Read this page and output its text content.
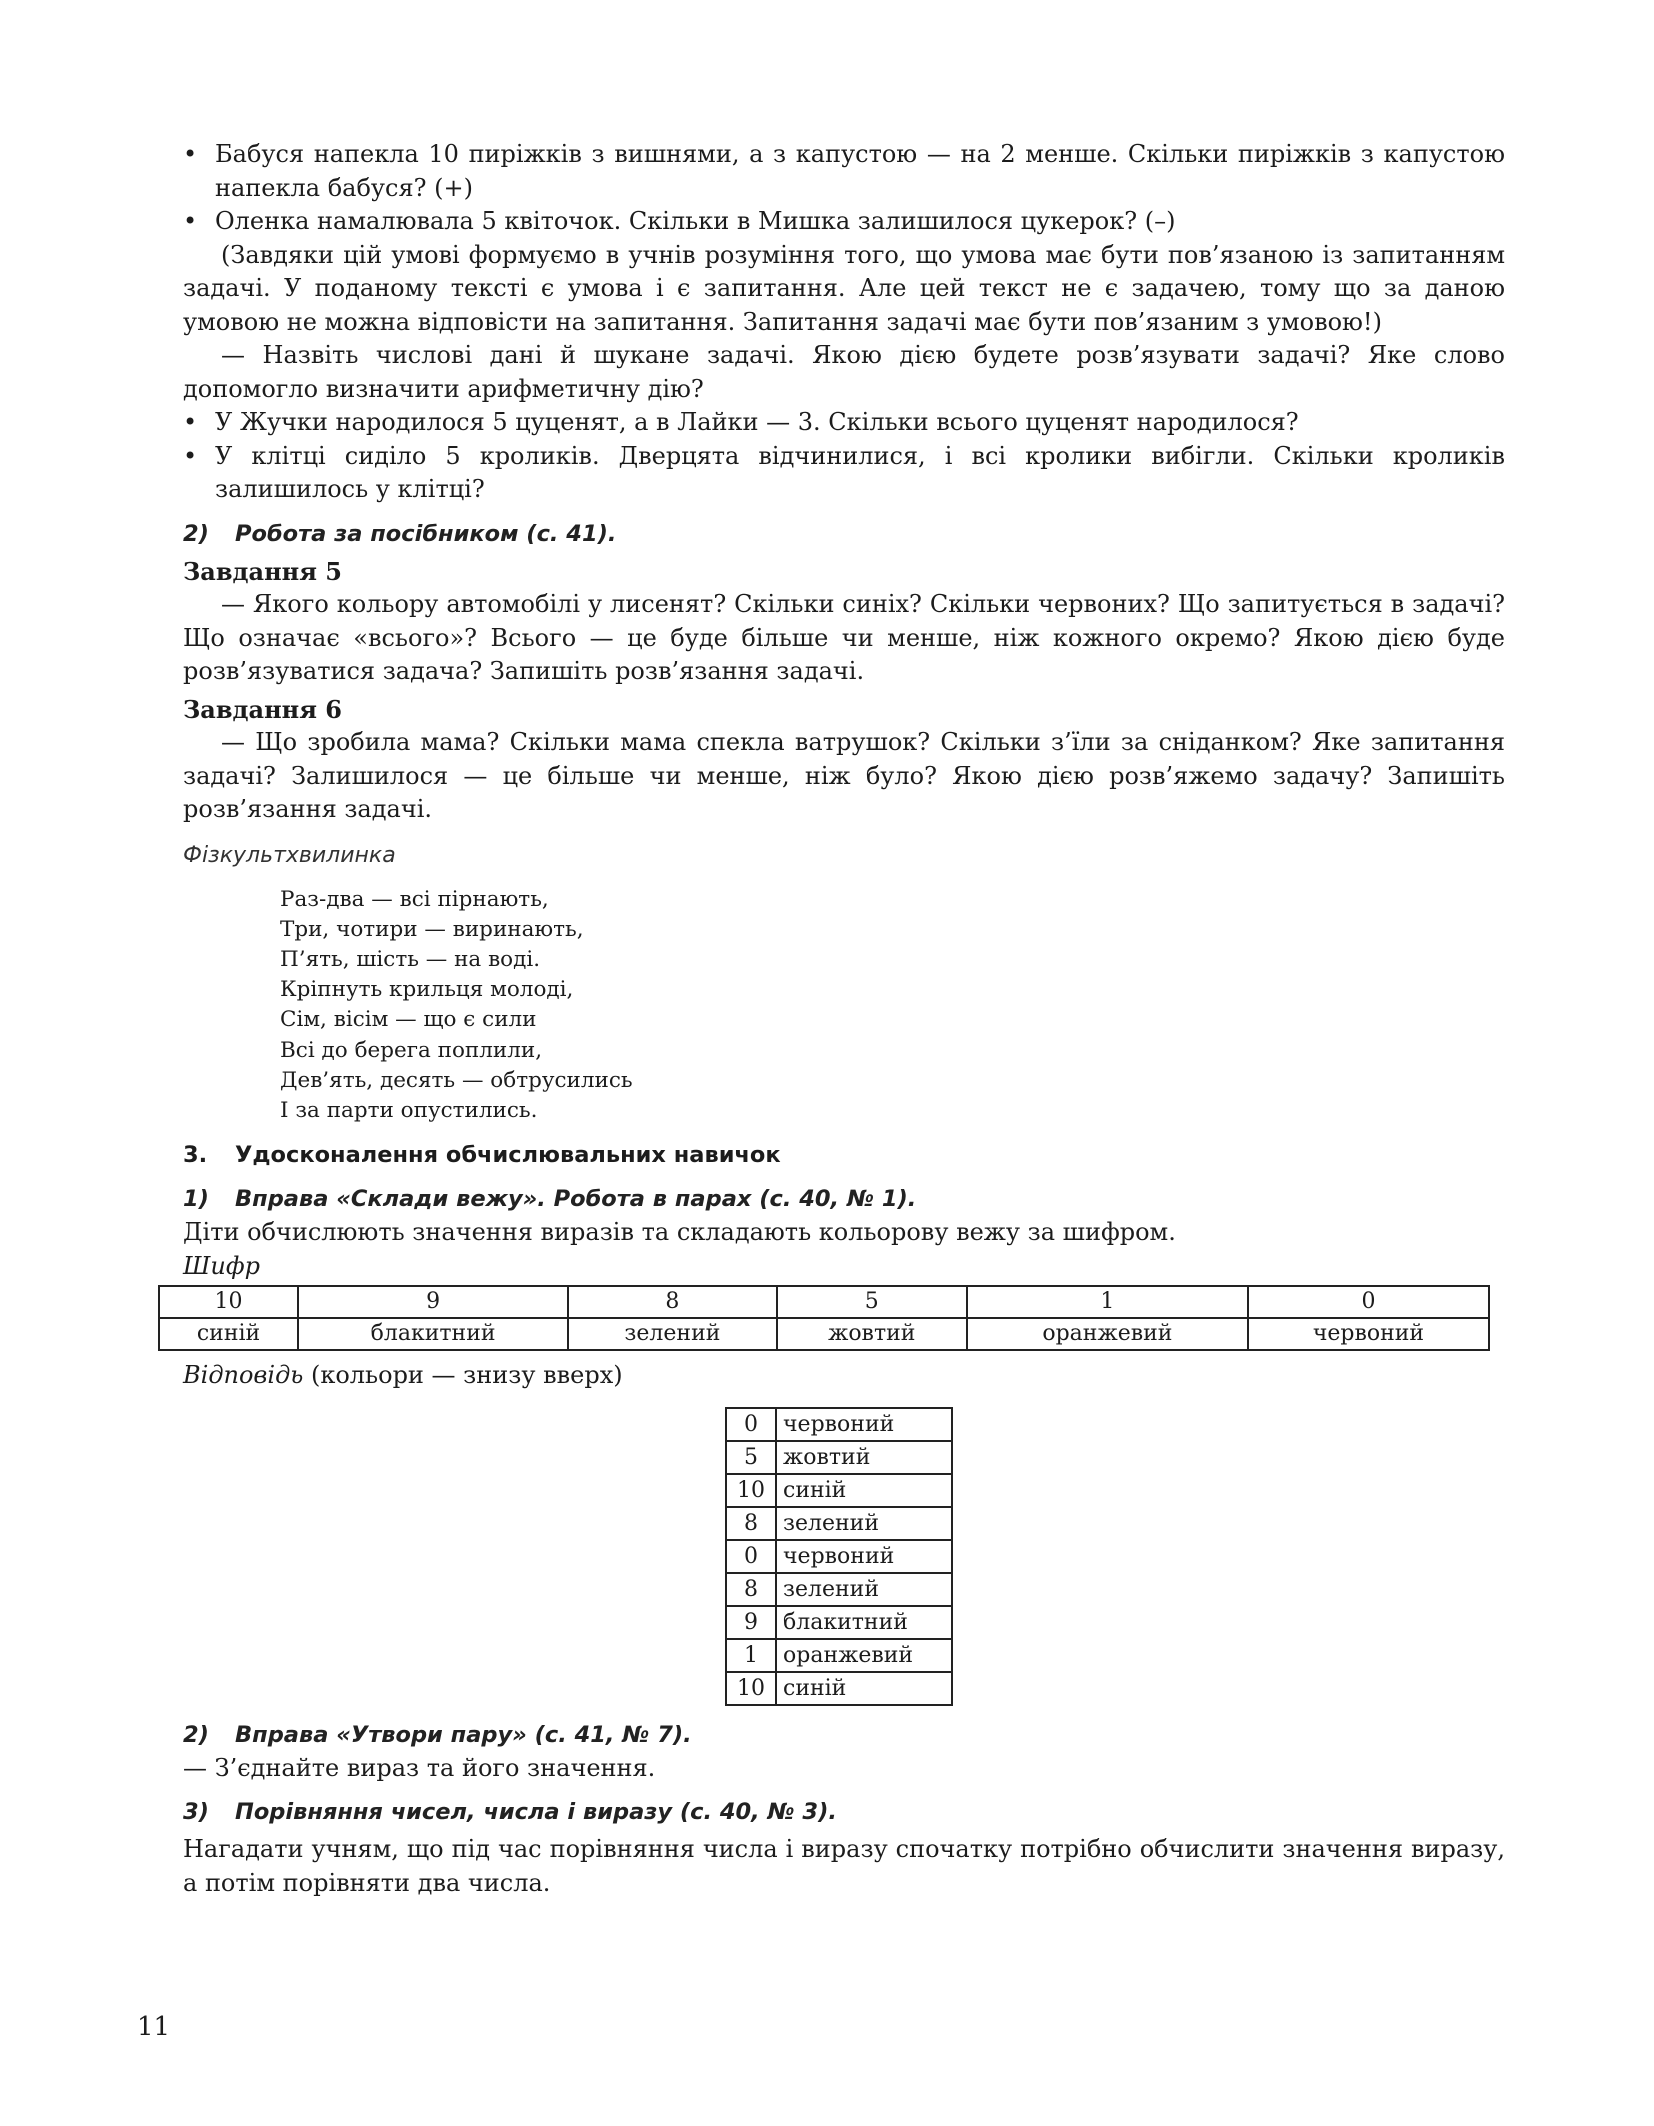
• Бабуся напекла 10 пиріжків з вишнями, а з капустою — на 2 менше. Скільки пиріжків з капустою напекла бабуся? (+)
• Оленка намалювала 5 квіточок. Скільки в Мишка залишилося цукерок? (–)

(Завдяки цій умові формуємо в учнів розуміння того, що умова має бути пов’язаною із запитанням задачі. У поданому тексті є умова і є запитання. Але цей текст не є задачею, тому що за даною умовою не можна відповісти на запитання. Запитання задачі має бути пов’язаним з умовою!)

— Назвіть числові дані й шукане задачі. Якою дією будете розв’язувати задачі? Яке слово допомогло визначити арифметичну дію?

• У Жучки народилося 5 цуценят, а в Лайки — 3. Скільки всього цуценят народилося?
• У клітці сиділо 5 кроликів. Дверцята відчинилися, і всі кролики вибігли. Скільки кроликів залишилось у клітці?
2) Робота за посібником (с. 41).
Завдання 5

— Якого кольору автомобілі у лисенят? Скільки синіх? Скільки червоних? Що запитується в задачі? Що означає «всього»? Всього — це буде більше чи менше, ніж кожного окремо? Якою дією буде розв’язуватися задача? Запишіть розв’язання задачі.

Завдання 6

— Що зробила мама? Скільки мама спекла ватрушок? Скільки з’їли за сніданком? Яке запитання задачі? Залишилося — це більше чи менше, ніж було? Якою дією розв’яжемо задачу? Запишіть розв’язання задачі.

Фізкультхвилинка
Раз-два — всі пірнають,
Три, чотири — виринають,
П’ять, шість — на воді.
Кріпнуть крильця молоді,
Сім, вісім — що є сили
Всі до берега поплили,
Дев’ять, десять — обтрусились
І за парти опустились.
3. Удосконалення обчислювальних навичок
1) Вправа «Склади вежу». Робота в парах (с. 40, № 1).

Діти обчислюють значення виразів та складають кольорову вежу за шифром.

Шифр
10	9	8	5	1	0
синій	блакитний	зелений	жовтий	оранжевий	червоний
Відповідь (кольори — знизу вверх)
0	червоний
5	жовтий
10	синій
8	зелений
0	червоний
8	зелений
9	блакитний
1	оранжевий
10	синій
2) Вправа «Утвори пару» (с. 41, № 7).

— З’єднайте вираз та його значення.

3) Порівняння чисел, числа і виразу (с. 40, № 3).

Нагадати учням, що під час порівняння числа і виразу спочатку потрібно обчислити значення виразу, а потім порівняти два числа.

11
